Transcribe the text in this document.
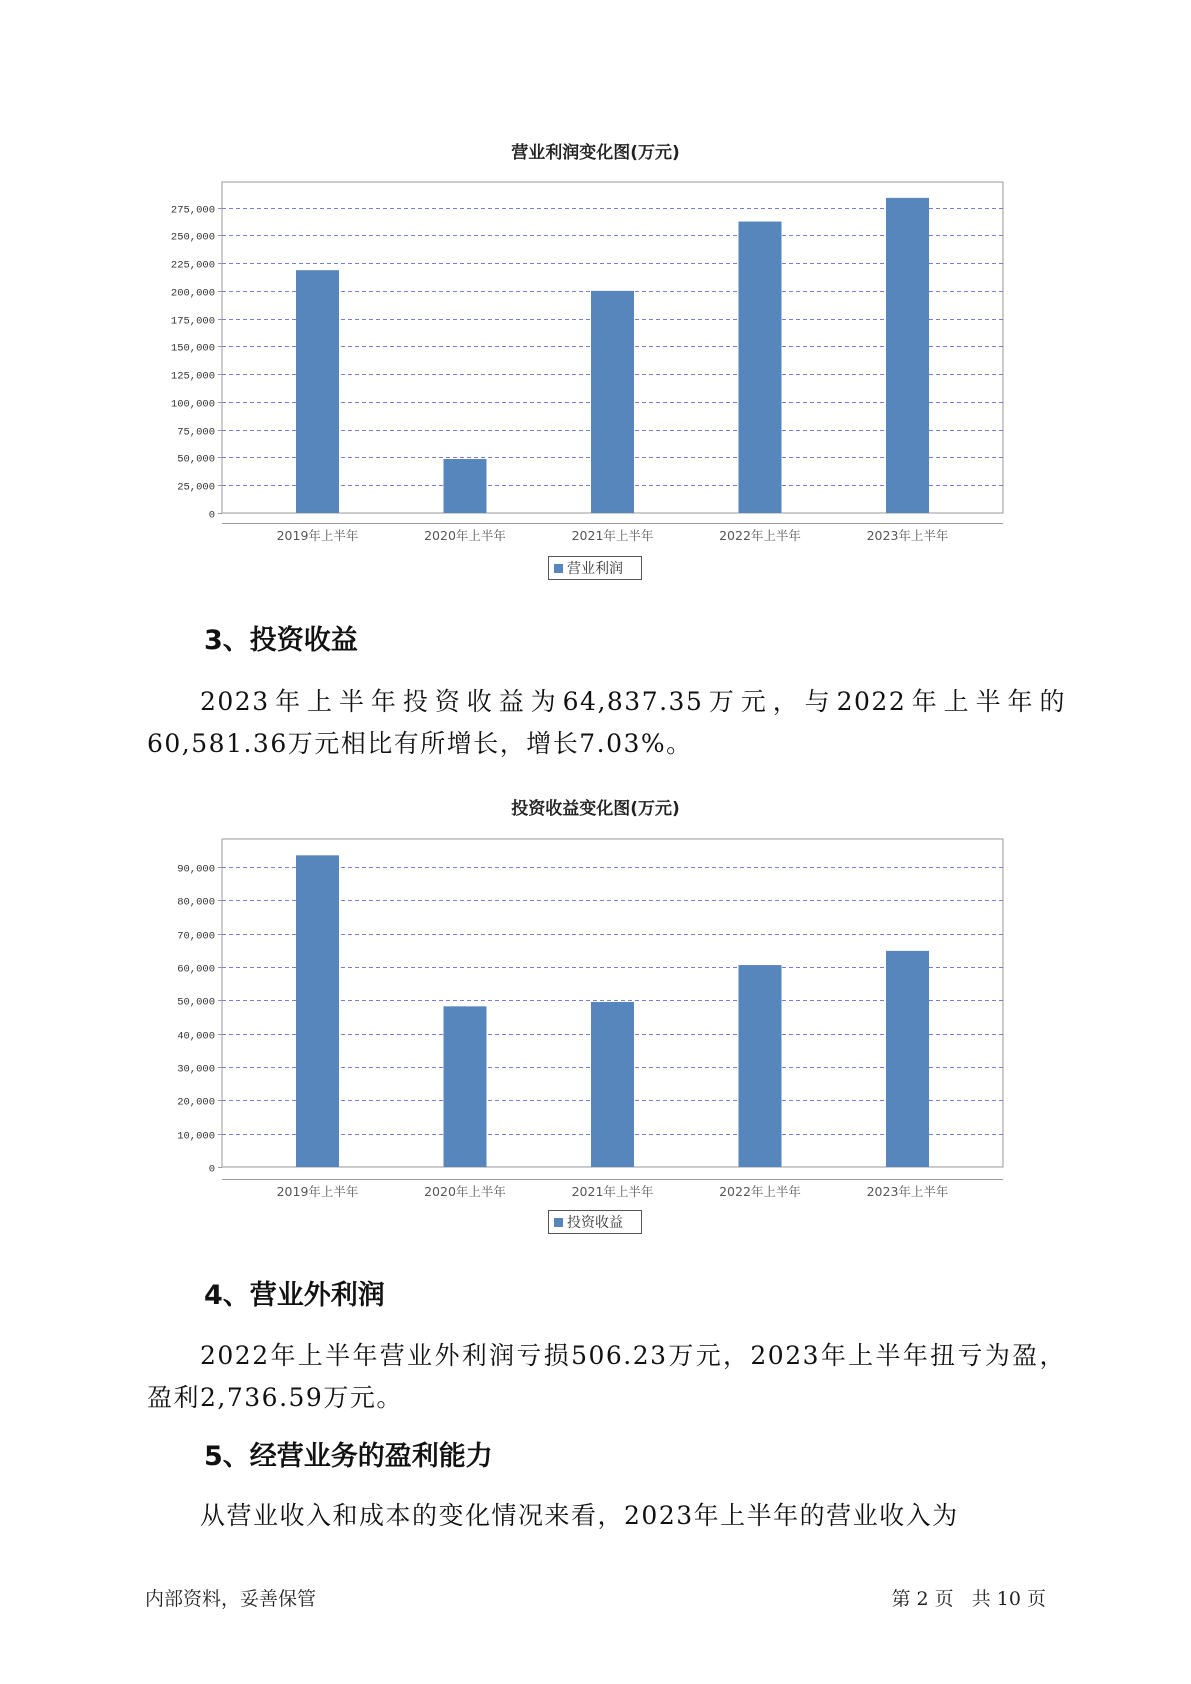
营业利润变化图(万元)
0
25,000
50,000
75,000
100,000
125,000
150,000
175,000
200,000
225,000
250,000
275,000
2019年上半年	2020年上半年	2021年上半年	2022年上半年	2023年上半年
营业利润
3、投资收益
2023年上半年投资收益为64,837.35万元，与2022年上半年的60,581.36万元相比有所增长，增长7.03%。
投资收益变化图(万元)
0
10,000
20,000
30,000
40,000
50,000
60,000
70,000
80,000
90,000
2019年上半年	2020年上半年	2021年上半年	2022年上半年	2023年上半年
投资收益
4、营业外利润
2022年上半年营业外利润亏损506.23万元，2023年上半年扭亏为盈，盈利2,736.59万元。
5、经营业务的盈利能力
从营业收入和成本的变化情况来看，2023年上半年的营业收入为
内部资料，妥善保管	第 2 页   共 10 页
